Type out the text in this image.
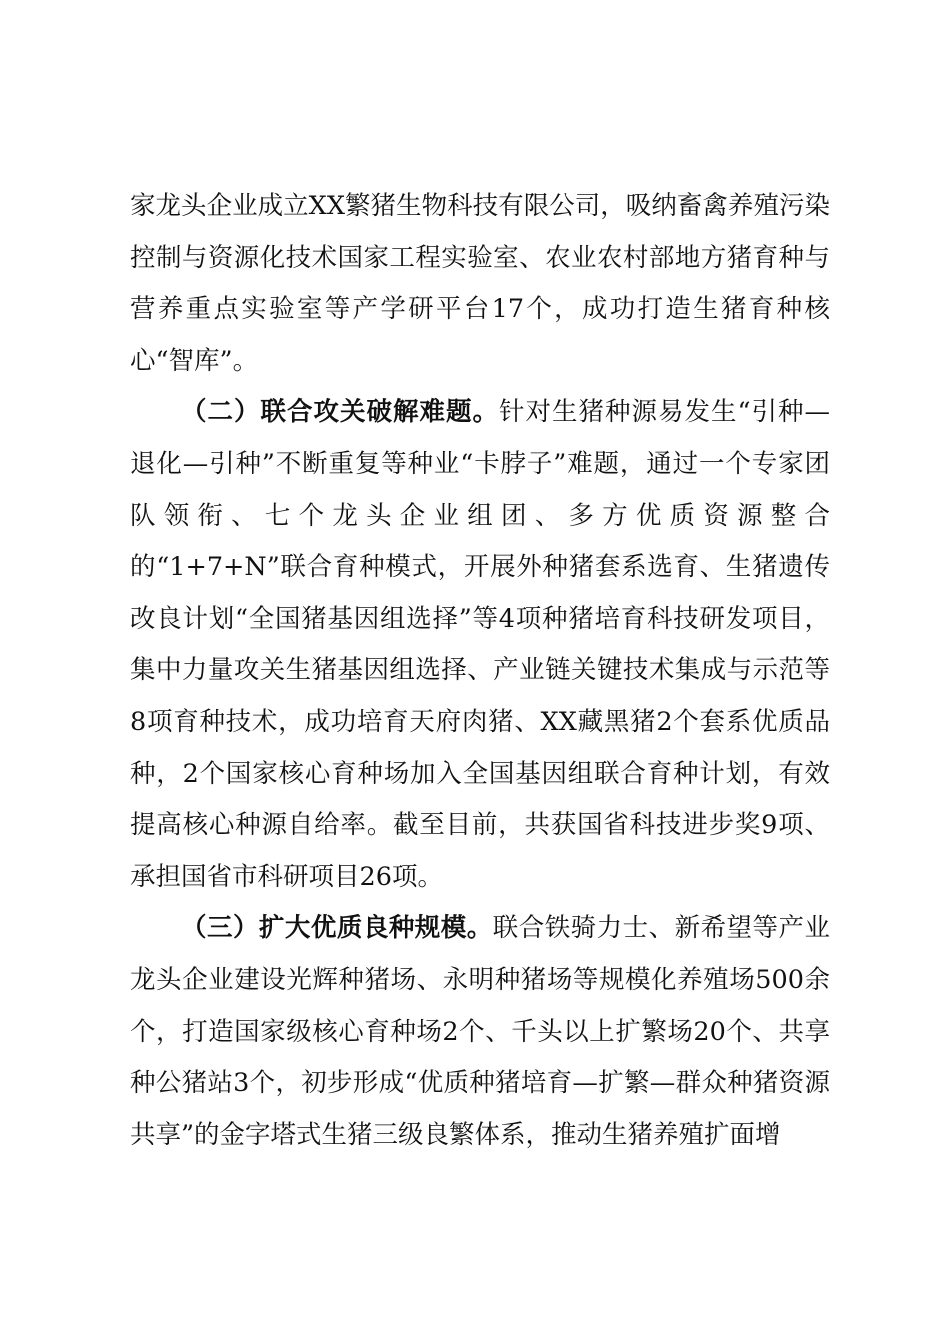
家龙头企业成立XX繁猪生物科技有限公司，吸纳畜禽养殖污染控制与资源化技术国家工程实验室、农业农村部地方猪育种与营养重点实验室等产学研平台17个，成功打造生猪育种核心“智库”。

（二）联合攻关破解难题。针对生猪种源易发生“引种—退化—引种”不断重复等种业“卡脖子”难题，通过一个专家团队领衔、七个龙头企业组团、多方优质资源整合的“1+7+N”联合育种模式，开展外种猪套系选育、生猪遗传改良计划“全国猪基因组选择”等4项种猪培育科技研发项目，集中力量攻关生猪基因组选择、产业链关键技术集成与示范等8项育种技术，成功培育天府肉猪、XX藏黑猪2个套系优质品种，2个国家核心育种场加入全国基因组联合育种计划，有效提高核心种源自给率。截至目前，共获国省科技进步奖9项、承担国省市科研项目26项。

（三）扩大优质良种规模。联合铁骑力士、新希望等产业龙头企业建设光辉种猪场、永明种猪场等规模化养殖场500余个，打造国家级核心育种场2个、千头以上扩繁场20个、共享种公猪站3个，初步形成“优质种猪培育—扩繁—群众种猪资源共享”的金字塔式生猪三级良繁体系，推动生猪养殖扩面增
